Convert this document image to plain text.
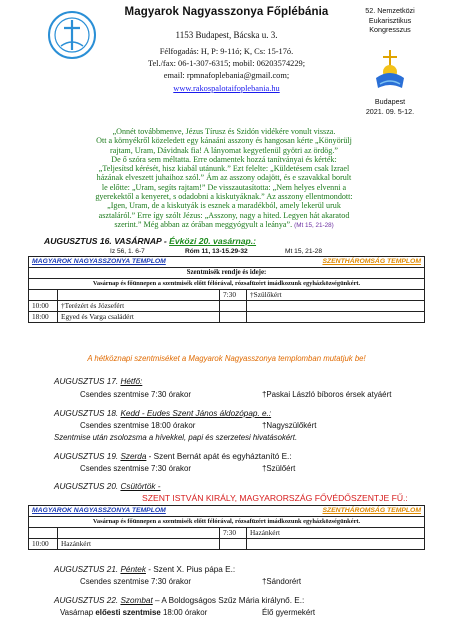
Magyarok Nagyasszonya Főplébánia
1153 Budapest, Bácska u. 3.
Félfogadás: H, P: 9-11ó; K, Cs: 15-17ó.
Tel./fax: 06-1-307-6315; mobil: 06203574229;
email: rpmnafoplebania@gmail.com;
www.rakospalotaifoplebania.hu
52. Nemzetközi
Eukarisztikus
Kongresszus
Budapest
2021. 09. 5-12.
„Onnét továbbmenve, Jézus Tírusz és Szidón vidékére vonult vissza.
Ott a környékről közeledett egy kánaáni asszony és hangosan kérte „Könyörülj
rajtam, Uram, Dávidnak fia! A lányomat kegyetlenül gyötri az ördög.”
De ő szóra sem méltatta. Erre odamentek hozzá tanítványai és kérték:
„Teljesítsd kérését, hisz kiabál utánunk.” Ezt felelte: „Küldetésem csak Izrael
házának elveszett juhaihoz szól.” Ám az asszony odajött, és e szavakkal borult
le előtte: „Uram, segíts rajtam!” De visszautasította: „Nem helyes elvenni a
gyerekektől a kenyeret, s odadobni a kiskutyáknak.” Az asszony ellentmondott:
„Igen, Uram, de a kiskutyák is esznek a maradékból, amely lekerül uruk
asztaláról.” Erre így szólt Jézus: „Asszony, nagy a hited. Legyen hát akaratod
szerint.” Még abban az órában meggyógyult a leánya”. (Mt 15, 21-28)
AUGUSZTUS 16. VASÁRNAP - Évközi 20. vasárnap.:
Iz 56, 1. 6-7	Róm 11, 13-15.29-32	Mt 15, 21-28
MAGYAROK NAGYASSZONYA TEMPLOM		SZENTHÁROMSÁG TEMPLOM	
Szentmisék rendje és ideje:			
Vasárnap és főünnepen a szentmisék előtt félórával, rózsafüzért imádkozunk egyházközségünkért.			
		7:30	†Szülőkért
10:00	†Terézért és Józsefért		
18:00	Egyed és Varga családért		
A hétköznapi szentmiséket a Magyarok Nagyasszonya templomban mutatjuk be!
AUGUSZTUS 17. Hétfő:
Csendes szentmise 7:30 órakor	†Paskai László bíboros érsek atyáért
AUGUSZTUS 18. Kedd - Eudes Szent János áldozópap. e.:
Csendes szentmise 18:00 órakor	†Nagyszülőkért
Szentmise után zsolozsma a hívekkel, papi és szerzetesi hivatásokért.
AUGUSZTUS 19. Szerda - Szent Bernát apát és egyháztanító E.:
Csendes szentmise 7:30 órakor	†Szülőért
AUGUSZTUS 20. Csütörtök -
SZENT ISTVÁN KIRÁLY, MAGYARORSZÁG FŐVÉDŐSZENTJE FŰ.:
MAGYAROK NAGYASSZONYA TEMPLOM		SZENTHÁROMSÁG TEMPLOM	
Vasárnap és főünnepen a szentmisék előtt félórával, rózsafüzért imádkozunk egyházközségünkért.			
		7:30	Hazánkért
10:00	Hazánkért		
AUGUSZTUS 21. Péntek - Szent X. Pius pápa E.:
Csendes szentmise 7:30 órakor	†Sándorért
AUGUSZTUS 22. Szombat – A Boldogságos Szűz Mária királynő. E.:
Vasárnap előesti szentmise 18:00 órakor	Élő gyermekért
